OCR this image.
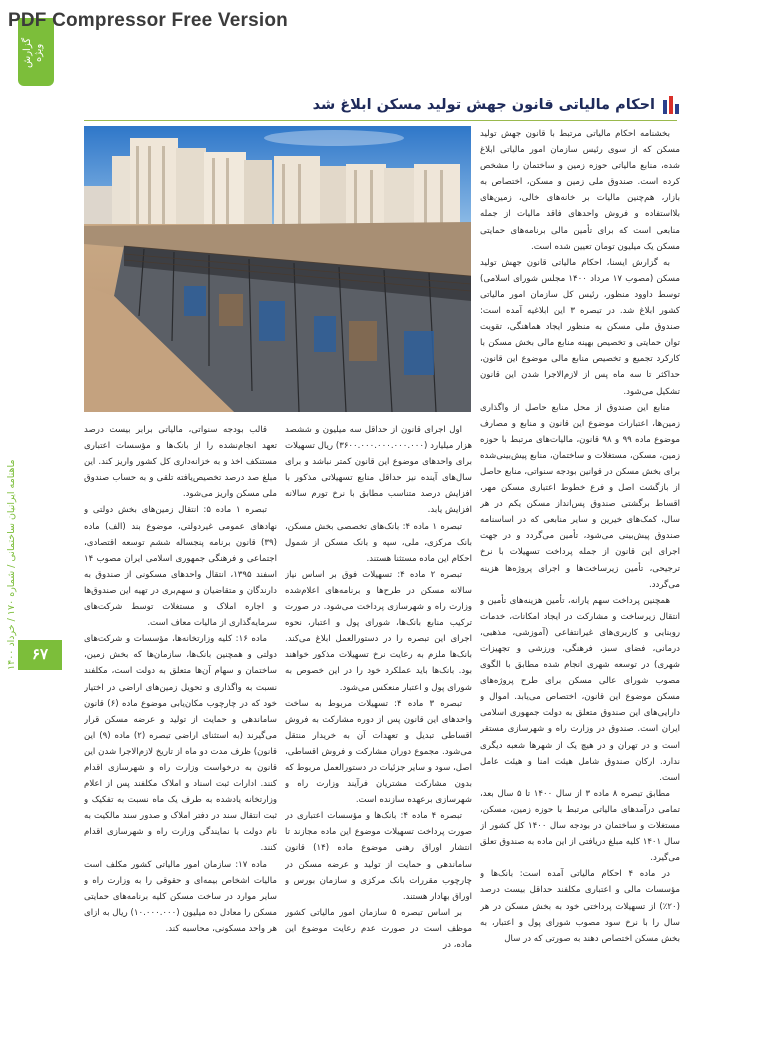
PDF Compressor Free Version
گزارش ویژه
ماهنامه ایرانیان ساختمانی / شماره ۱۷۰ / خرداد ۱۴۰۰
۶۷
احکام مالیاتی قانون جهش تولید مسکن ابلاغ شد

بخشنامه احکام مالیاتی مرتبط با قانون جهش تولید مسکن که از سوی رئیس سازمان امور مالیاتی ابلاغ شده، منابع مالیاتی حوزه زمین و ساختمان را مشخص کرده است. صندوق ملی زمین و مسکن، اختصاص به بازار، هم‌چنین مالیات بر خانه‌های خالی، زمین‌های بلااستفاده و فروش واحدهای فاقد مالیات از جمله منابعی است که برای تأمین مالی برنامه‌های حمایتی مسکن یک میلیون تومان تعیین شده است.

به گزارش ایسنا، احکام مالیاتی قانون جهش تولید مسکن (مصوب ۱۷ مرداد ۱۴۰۰ مجلس شورای اسلامی) توسط داوود منظور، رئیس کل سازمان امور مالیاتی کشور ابلاغ شد. در تبصره ۳ این ابلاغیه آمده است: صندوق ملی مسکن به منظور ایجاد هماهنگی، تقویت توان حمایتی و تخصیص بهینه منابع مالی بخش مسکن با کارکرد تجمیع و تخصیص منابع مالی موضوع این قانون، حداکثر تا سه ماه پس از لازم‌الاجرا شدن این قانون تشکیل می‌شود.

منابع این صندوق از محل منابع حاصل از واگذاری زمین‌ها، اعتبارات موضوع این قانون و منابع و مصارف موضوع ماده ۹۹ و ۹۸ قانون، مالیات‌های مرتبط با حوزه زمین، مسکن، مستغلات و ساختمان، منابع پیش‌بینی‌شده برای بخش مسکن در قوانین بودجه سنواتی، منابع حاصل از بازگشت اصل و فرع خطوط اعتباری مسکن مهر، اقساط برگشتی صندوق پس‌انداز مسکن یکم در هر سال، کمک‌های خیرین و سایر منابعی که در اساسنامه صندوق پیش‌بینی می‌شود، تأمین می‌گردد و در جهت اجرای این قانون از جمله پرداخت تسهیلات با نرخ ترجیحی، تأمین زیرساخت‌ها و اجرای پروژه‌ها هزینه می‌گردد.

همچنین پرداخت سهم یارانه، تأمین هزینه‌های تأمین و انتقال زیرساخت و مشارکت در ایجاد امکانات، خدمات روبنایی و کاربری‌های غیرانتفاعی (آموزشی، مذهبی، درمانی، فضای سبز، فرهنگی، ورزشی و تجهیزات شهری) در توسعه شهری انجام شده مطابق با الگوی مصوب شورای عالی مسکن برای طرح پروژه‌های مسکن موضوع این قانون، اختصاص می‌یابد. اموال و دارایی‌های این صندوق متعلق به دولت جمهوری اسلامی ایران است. صندوق در وزارت راه و شهرسازی مستقر است و در تهران و در هیچ یک از شهرها شعبه دیگری ندارد. ارکان صندوق شامل هیئت امنا و هیئت عامل است.

مطابق تبصره ۸ ماده ۳ از سال ۱۴۰۰ تا ۵ سال بعد، تمامی درآمدهای مالیاتی مرتبط با حوزه زمین، مسکن، مستغلات و ساختمان در بودجه سال ۱۴۰۰ کل کشور از سال ۱۴۰۱ کلیه مبلغ دریافتی از این ماده به صندوق تعلق می‌گیرد.

در ماده ۴ احکام مالیاتی آمده است: بانک‌ها و مؤسسات مالی و اعتباری مکلفند حداقل بیست درصد (۲۰٪) از تسهیلات پرداختی خود به بخش مسکن در هر سال را با نرخ سود مصوب شورای پول و اعتبار، به بخش مسکن اختصاص دهند به صورتی که در سال

اول اجرای قانون از حداقل سه میلیون و ششصد هزار میلیارد (۳۶۰۰.۰۰۰.۰۰۰.۰۰۰.۰۰۰) ریال تسهیلات برای واحدهای موضوع این قانون کمتر نباشد و برای سال‌های آینده نیز حداقل منابع تسهیلاتی مذکور با افزایش درصد متناسب مطابق با نرخ تورم سالانه افزایش یابد.

تبصره ۱ ماده ۴: بانک‌های تخصصی بخش مسکن، بانک مرکزی، ملی، سپه و بانک مسکن از شمول احکام این ماده مستثنا هستند.

تبصره ۲ ماده ۴: تسهیلات فوق بر اساس نیاز سالانه مسکن در طرح‌ها و برنامه‌های اعلام‌شده وزارت راه و شهرسازی پرداخت می‌شود. در صورت ترکیب منابع بانک‌ها، شورای پول و اعتبار، نحوه اجرای این تبصره را در دستورالعمل ابلاغ می‌کند. بانک‌ها ملزم به رعایت نرخ تسهیلات مذکور خواهند بود. بانک‌ها باید عملکرد خود را در این خصوص به شورای پول و اعتبار منعکس می‌شود.

تبصره ۳ ماده ۴: تسهیلات مربوط به ساخت واحدهای این قانون پس از دوره مشارکت به فروش اقساطی تبدیل و تعهدات آن به خریدار منتقل می‌شود. مجموع دوران مشارکت و فروش اقساطی، اصل، سود و سایر جزئیات در دستورالعمل مربوط که بدون مشارکت مشتریان فرآیند وزارت راه و شهرسازی برعهده سازنده است.

تبصره ۴ ماده ۴: بانک‌ها و مؤسسات اعتباری در صورت پرداخت تسهیلات موضوع این ماده مجازند تا انتشار اوراق رهنی موضوع ماده (۱۴) قانون ساماندهی و حمایت از تولید و عرضه مسکن در چارچوب مقررات بانک مرکزی و سازمان بورس و اوراق بهادار هستند.

بر اساس تبصره ۵ سازمان امور مالیاتی کشور موظف است در صورت عدم رعایت موضوع این ماده، در

قالب بودجه سنواتی، مالیاتی برابر بیست درصد تعهد انجام‌نشده را از بانک‌ها و مؤسسات اعتباری مستنکف اخذ و به خزانه‌داری کل کشور واریز کند. این مبلغ صد درصد تخصیص‌یافته تلقی و به حساب صندوق ملی مسکن واریز می‌شود.

تبصره ۱ ماده ۵: انتقال زمین‌های بخش دولتی و نهادهای عمومی غیردولتی، موضوع بند (الف) ماده (۳۹) قانون برنامه پنجساله ششم توسعه اقتصادی، اجتماعی و فرهنگی جمهوری اسلامی ایران مصوب ۱۴ اسفند ۱۳۹۵، انتقال واحدهای مسکونی از صندوق به دارندگان و متقاضیان و سهم‌بری در تهیه این صندوق‌ها و اجاره املاک و مستغلات توسط شرکت‌های سرمایه‌گذاری از مالیات معاف است.

ماده ۱۶: کلیه وزارتخانه‌ها، مؤسسات و شرکت‌های دولتی و همچنین بانک‌ها، سازمان‌ها که بخش زمین، ساختمان و سهام آن‌ها متعلق به دولت است، مکلفند نسبت به واگذاری و تحویل زمین‌های اراضی در اختیار خود که در چارچوب مکان‌یابی موضوع ماده (۶) قانون ساماندهی و حمایت از تولید و عرضه مسکن قرار می‌گیرند (به استثنای اراضی تبصره (۲) ماده (۹) این قانون) ظرف مدت دو ماه از تاریخ لازم‌الاجرا شدن این قانون به درخواست وزارت راه و شهرسازی اقدام کنند. ادارات ثبت اسناد و املاک مکلفند پس از اعلام وزارتخانه یادشده به طرف یک ماه نسبت به تفکیک و ثبت انتقال سند در دفتر املاک و صدور سند مالکیت به نام دولت با نمایندگی وزارت راه و شهرسازی اقدام کنند.

ماده ۱۷: سازمان امور مالیاتی کشور مکلف است مالیات اشخاص بیمه‌ای و حقوقی را به وزارت راه و سایر موارد در ساخت مسکن کلیه برنامه‌های حمایتی مسکن را معادل ده میلیون (۱۰.۰۰۰.۰۰۰) ریال به ازای هر واحد مسکونی، محاسبه کند.
